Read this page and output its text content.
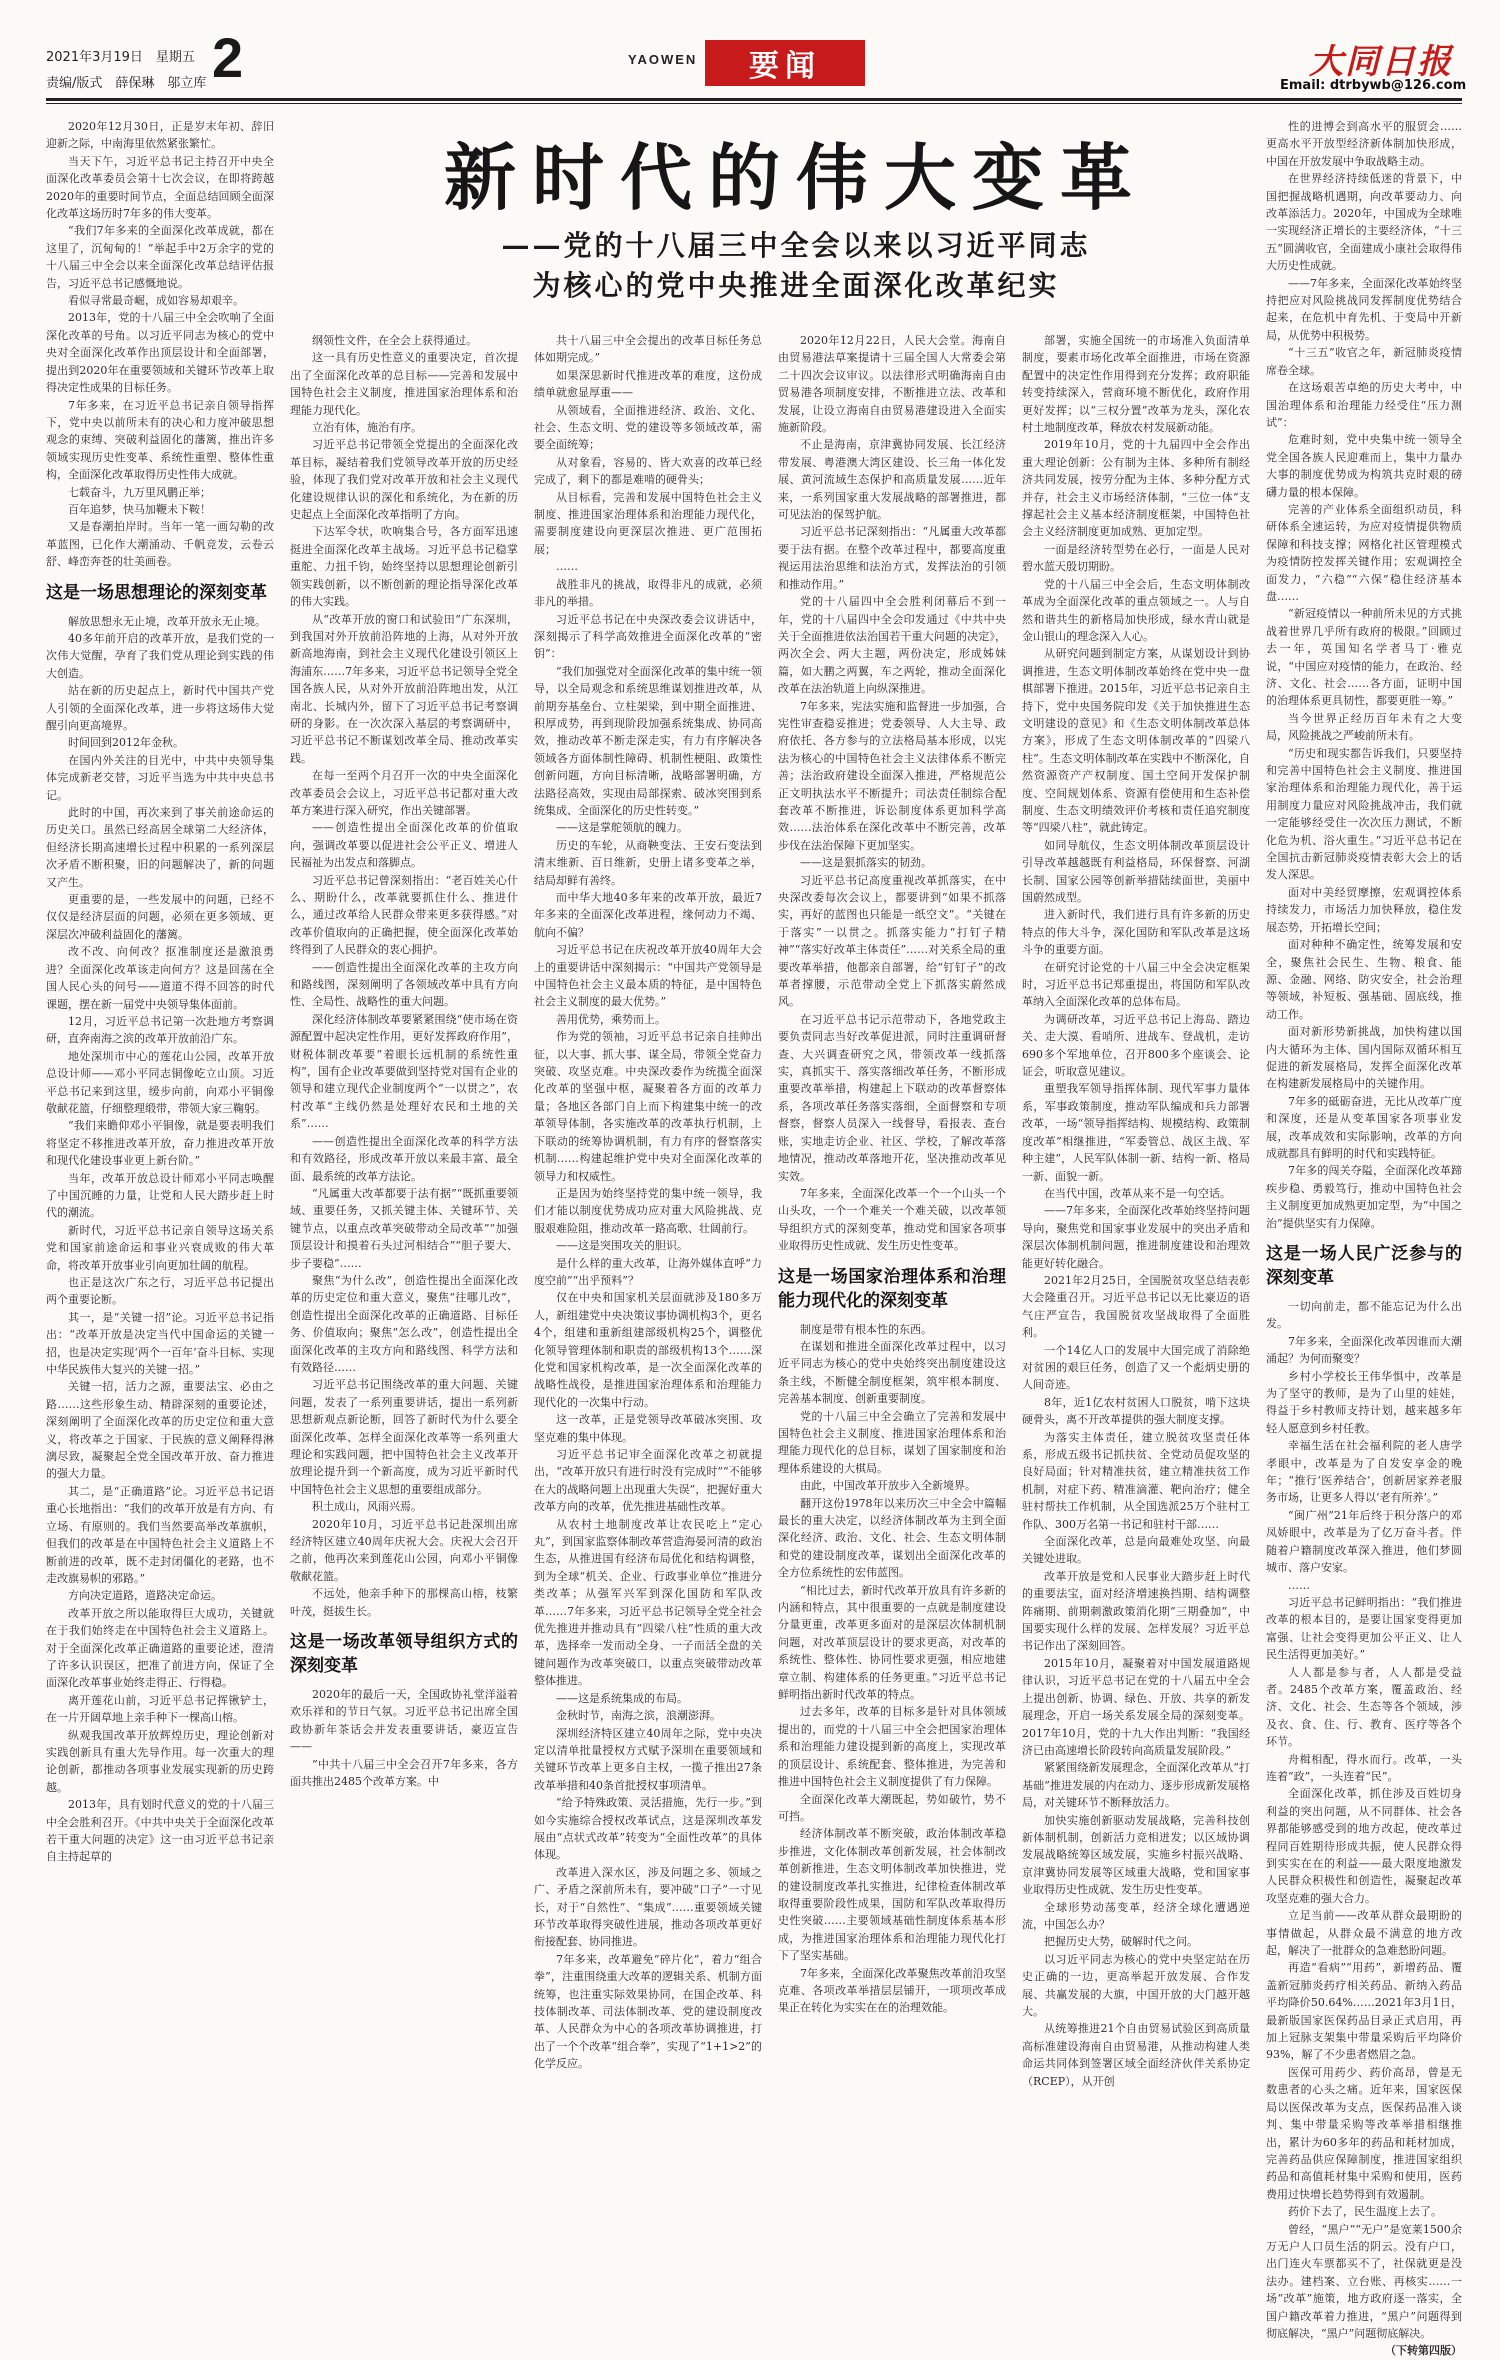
2021年3月19日　星期五
责编/版式　薛保琳　邬立库 2	YAOWEN	要闻	大同日报
Email: dtrbywb@126.com
新时代的伟大变革
——党的十八届三中全会以来以习近平同志
为核心的党中央推进全面深化改革纪实

2020年12月30日，正是岁末年初、辞旧迎新之际，中南海里依然紧张繁忙。

当天下午，习近平总书记主持召开中央全面深化改革委员会第十七次会议，在即将跨越2020年的重要时间节点，全面总结回顾全面深化改革这场历时7年多的伟大变革。

“我们7年多来的全面深化改革成就，都在这里了，沉甸甸的！”举起手中2万余字的党的十八届三中全会以来全面深化改革总结评估报告，习近平总书记感慨地说。

看似寻常最奇崛，成如容易却艰辛。

2013年，党的十八届三中全会吹响了全面深化改革的号角。以习近平同志为核心的党中央对全面深化改革作出顶层设计和全面部署，提出到2020年在重要领域和关键环节改革上取得决定性成果的目标任务。

7年多来，在习近平总书记亲自领导指挥下，党中央以前所未有的决心和力度冲破思想观念的束缚、突破利益固化的藩篱，推出许多领域实现历史性变革、系统性重塑、整体性重构，全面深化改革取得历史性伟大成就。

七载奋斗，九万里风鹏正举；

百年追梦，快马加鞭未下鞍！

又是春潮拍岸时。当年一笔一画勾勒的改革蓝图，已化作大潮涌动、千帆竞发，云卷云舒、峰峦奔苍的壮美画卷。

这是一场思想理论的深刻变革

解放思想永无止境，改革开放永无止境。

40多年前开启的改革开放，是我们党的一次伟大觉醒，孕育了我们党从理论到实践的伟大创造。

站在新的历史起点上，新时代中国共产党人引领的全面深化改革，进一步将这场伟大觉醒引向更高境界。

时间回到2012年金秋。

在国内外关注的目光中，中共中央领导集体完成新老交替，习近平当选为中共中央总书记。

此时的中国，再次来到了事关前途命运的历史关口。虽然已经高居全球第二大经济体，但经济长期高速增长过程中积累的一系列深层次矛盾不断积聚，旧的问题解决了，新的问题又产生。

更重要的是，一些发展中的问题，已经不仅仅是经济层面的问题，必须在更多领域、更深层次冲破利益固化的藩篱。

改不改、向何改？抠准制度还是激浪勇进？全面深化改革该走向何方？这是回荡在全国人民心头的问号——道道不得不回答的时代课题，摆在新一届党中央领导集体面前。

12月，习近平总书记第一次赴地方考察调研，直奔南海之滨的改革开放前沿广东。

地处深圳市中心的莲花山公园，改革开放总设计师——邓小平同志铜像屹立山顶。习近平总书记来到这里，缓步向前，向邓小平铜像敬献花篮，仔细整理缎带，带领大家三鞠躬。

“我们来瞻仰邓小平铜像，就是要表明我们将坚定不移推进改革开放，奋力推进改革开放和现代化建设事业更上新台阶。”

当年，改革开放总设计师邓小平同志唤醒了中国沉睡的力量，让党和人民大踏步赶上时代的潮流。

新时代，习近平总书记亲自领导这场关系党和国家前途命运和事业兴衰成败的伟大革命，将改革开放事业引向更加壮阔的航程。

也正是这次广东之行，习近平总书记提出两个重要论断。

其一，是“关键一招”论。习近平总书记指出：“改革开放是决定当代中国命运的关键一招，也是决定实现‘两个一百年’奋斗目标、实现中华民族伟大复兴的关键一招。”

关键一招，活力之源，重要法宝、必由之路……这些形象生动、精辟深刻的重要论述，深刻阐明了全面深化改革的历史定位和重大意义，将改革之于国家、于民族的意义阐释得淋漓尽致，凝聚起全党全国改革开放、奋力推进的强大力量。

其二，是“正确道路”论。习近平总书记语重心长地指出：“我们的改革开放是有方向、有立场、有原则的。我们当然要高举改革旗帜，但我们的改革是在中国特色社会主义道路上不断前进的改革，既不走封闭僵化的老路，也不走改旗易帜的邪路。”

方向决定道路，道路决定命运。

改革开放之所以能取得巨大成功，关键就在于我们始终走在中国特色社会主义道路上。对于全面深化改革正确道路的重要论述，澄清了许多认识误区，把准了前进方向，保证了全面深化改革事业始终走得正、行得稳。

离开莲花山前，习近平总书记挥锹铲土，在一片开阔草地上亲手种下一棵高山榕。

纵观我国改革开放辉煌历史，理论创新对实践创新具有重大先导作用。每一次重大的理论创新，都推动各项事业发展实现新的历史跨越。

2013年，具有划时代意义的党的十八届三中全会胜利召开。《中共中央关于全面深化改革若干重大问题的决定》这一由习近平总书记亲自主持起草的

纲领性文件，在全会上获得通过。

这一具有历史性意义的重要决定，首次提出了全面深化改革的总目标——完善和发展中国特色社会主义制度，推进国家治理体系和治理能力现代化。

立治有体，施治有序。

习近平总书记带领全党提出的全面深化改革目标，凝结着我们党领导改革开放的历史经验，体现了我们党对改革开放和社会主义现代化建设规律认识的深化和系统化，为在新的历史起点上全面深化改革指明了方向。

下达军令状，吹响集合号，各方面军迅速挺进全面深化改革主战场。习近平总书记稳掌重舵、力扭千钧，始终坚持以思想理论创新引领实践创新，以不断创新的理论指导深化改革的伟大实践。

从“改革开放的窗口和试验田”广东深圳，到我国对外开放前沿阵地的上海，从对外开放新高地海南，到社会主义现代化建设引领区上海浦东……7年多来，习近平总书记领导全党全国各族人民，从对外开放前沿阵地出发，从江南北、长城内外，留下了习近平总书记考察调研的身影。在一次次深入基层的考察调研中，习近平总书记不断谋划改革全局、推动改革实践。

在每一至两个月召开一次的中央全面深化改革委员会会议上，习近平总书记都对重大改革方案进行深入研究，作出关键部署。

——创造性提出全面深化改革的价值取向，强调改革要以促进社会公平正义、增进人民福祉为出发点和落脚点。

习近平总书记曾深刻指出：“老百姓关心什么、期盼什么，改革就要抓住什么、推进什么，通过改革给人民群众带来更多获得感。”对改革价值取向的正确把握，使全面深化改革始终得到了人民群众的衷心拥护。

——创造性提出全面深化改革的主攻方向和路线图，深刻阐明了各领域改革中具有方向性、全局性、战略性的重大问题。

深化经济体制改革要紧紧围绕“使市场在资源配置中起决定性作用，更好发挥政府作用”，财税体制改革要“着眼长远机制的系统性重构”，国有企业改革要做到坚持党对国有企业的领导和建立现代企业制度两个“一以贯之”，农村改革“主线仍然是处理好农民和土地的关系”……

——创造性提出全面深化改革的科学方法和有效路径，形成改革开放以来最丰富、最全面、最系统的改革方法论。

“凡属重大改革都要于法有据”“既抓重要领域、重要任务，又抓关键主体、关键环节、关键节点，以重点改革突破带动全局改革”“加强顶层设计和摸着石头过河相结合”“胆子要大、步子要稳”……

聚焦“为什么改”，创造性提出全面深化改革的历史定位和重大意义，聚焦“往哪儿改”，创造性提出全面深化改革的正确道路、目标任务、价值取向；聚焦“怎么改”，创造性提出全面深化改革的主攻方向和路线图、科学方法和有效路径……

习近平总书记围绕改革的重大问题、关键问题，发表了一系列重要讲话，提出一系列新思想新观点新论断，回答了新时代为什么要全面深化改革、怎样全面深化改革等一系列重大理论和实践问题，把中国特色社会主义改革开放理论提升到一个新高度，成为习近平新时代中国特色社会主义思想的重要组成部分。

积土成山，风雨兴焉。

2020年10月，习近平总书记赴深圳出席经济特区建立40周年庆祝大会。庆祝大会召开之前，他再次来到莲花山公园，向邓小平铜像敬献花篮。

不远处，他亲手种下的那棵高山榕，枝繁叶茂，挺拔生长。

这是一场改革领导组织方式的深刻变革

2020年的最后一天，全国政协礼堂洋溢着欢乐祥和的节日气氛。习近平总书记出席全国政协新年茶话会并发表重要讲话，豪迈宣告——

“中共十八届三中全会召开7年多来，各方面共推出2485个改革方案。中

共十八届三中全会提出的改革目标任务总体如期完成。”

如果深思新时代推进改革的难度，这份成绩单就愈显厚重——

从领域看，全面推进经济、政治、文化、社会、生态文明、党的建设等多领域改革，需要全面统筹；

从对象看，容易的、皆大欢喜的改革已经完成了，剩下的都是难啃的硬骨头；

从目标看，完善和发展中国特色社会主义制度、推进国家治理体系和治理能力现代化，需要制度建设向更深层次推进、更广范围拓展；

……

战胜非凡的挑战，取得非凡的成就，必须非凡的举措。

习近平总书记在中央深改委会议讲话中，深刻揭示了科学高效推进全面深化改革的“密钥”：

“我们加强党对全面深化改革的集中统一领导，以全局观念和系统思维谋划推进改革，从前期夯基垒台、立柱架梁，到中期全面推进、积厚成势，再到现阶段加强系统集成、协同高效，推动改革不断走深走实，有力有序解决各领域各方面体制性障碍、机制性梗阻、政策性创新问题，方向目标清晰，战略部署明确，方法路径高效，实现由局部探索、破冰突围到系统集成、全面深化的历史性转变。”

——这是掌舵领航的魄力。

历史的车轮，从商鞅变法、王安石变法到清末维新、百日维新，史册上诸多变革之举，结局却鲜有善终。

而中华大地40多年来的改革开放，最近7年多来的全面深化改革进程，缘何动力不竭、航向不偏？

习近平总书记在庆祝改革开放40周年大会上的重要讲话中深刻揭示：“中国共产党领导是中国特色社会主义最本质的特征，是中国特色社会主义制度的最大优势。”

善用优势，乘势而上。

作为党的领袖，习近平总书记亲自挂帅出征，以大事、抓大事、谋全局，带领全党奋力突破、攻坚克难。中央深改委作为统揽全面深化改革的坚强中枢，凝聚着各方面的改革力量；各地区各部门自上而下构建集中统一的改革领导体制，各实施改革的改革执行机制，上下联动的统筹协调机制，有力有序的督察落实机制……构建起维护党中央对全面深化改革的领导力和权威性。

正是因为始终坚持党的集中统一领导，我们才能以制度优势成功应对重大风险挑战、克服艰难险阻，推动改革一路高歌、壮阔前行。

——这是突围攻关的胆识。

是什么样的重大改革，让海外媒体直呼“力度空前”“出乎预料”？

仅在中央和国家机关层面就涉及180多万人，新组建党中央决策议事协调机构3个，更名4个，组建和重新组建部级机构25个，调整优化领导管理体制和职责的部级机构13个……深化党和国家机构改革，是一次全面深化改革的战略性战役，是推进国家治理体系和治理能力现代化的一次集中行动。

这一改革，正是党领导改革破冰突围、攻坚克难的集中体现。

习近平总书记审全面深化改革之初就提出，“改革开放只有进行时没有完成时”“不能够在大的战略问题上出现重大失误”，把握好重大改革方向的改革，优先推进基础性改革。

从农村土地制度改革让农民吃上“定心丸”，到国家监察体制改革营造海晏河清的政治生态，从推进国有经济布局优化和结构调整，到为全球“机关、企业、行政事业单位”推进分类改革；从强军兴军到深化国防和军队改革……7年多来，习近平总书记领导全党全社会优先推进并推动具有“四梁八柱”性质的重大改革，选择牵一发而动全身、一子而活全盘的关键问题作为改革突破口，以重点突破带动改革整体推进。

——这是系统集成的布局。

金秋时节，南海之滨，浪潮澎湃。

深圳经济特区建立40周年之际，党中央决定以清单批量授权方式赋予深圳在重要领域和关键环节改革上更多自主权，一揽子推出27条改革举措和40条首批授权事项清单。

“给予特殊政策、灵活措施，先行一步。”到如今实施综合授权改革试点，这是深圳改革发展由“点状式改革”转变为“全面性改革”的具体体现。

改革进入深水区，涉及问题之多、领域之广、矛盾之深前所未有，要冲破“口子”一寸见长，对于“自然性”、“集成”……重要领域关键环节改革取得突破性进展，推动各项改革更好衔接配套、协同推进。

7年多来，改革避免“碎片化”，着力“组合拳”，注重围绕重大改革的逻辑关系、机制方面统筹，也注重实际效果协同，在国企改革、科技体制改革、司法体制改革、党的建设制度改革、人民群众为中心的各项改革协调推进，打出了一个个改革“组合拳”，实现了“1+1>2”的化学反应。

2020年12月22日，人民大会堂。海南自由贸易港法草案提请十三届全国人大常委会第二十四次会议审议。以法律形式明确海南自由贸易港各项制度安排，不断推进立法、改革和发展，让设立海南自由贸易港建设进入全面实施新阶段。

不止是海南，京津冀协同发展、长江经济带发展、粤港澳大湾区建设、长三角一体化发展、黄河流域生态保护和高质量发展……近年来，一系列国家重大发展战略的部署推进，都可见法治的保驾护航。

习近平总书记深刻指出：“凡属重大改革都要于法有据。在整个改革过程中，都要高度重视运用法治思维和法治方式，发挥法治的引领和推动作用。”

党的十八届四中全会胜利闭幕后不到一年，党的十八届四中全会印发通过《中共中央关于全面推进依法治国若干重大问题的决定》，两次全会、两大主题，两份决定，形成姊妹篇，如大鹏之两翼，车之两轮，推动全面深化改革在法治轨道上向纵深推进。

7年多来，宪法实施和监督进一步加强，合宪性审查稳妥推进；党委领导、人大主导、政府依托、各方参与的立法格局基本形成，以宪法为核心的中国特色社会主义法律体系不断完善；法治政府建设全面深入推进，严格规范公正文明执法水平不断提升；司法责任制综合配套改革不断推进，诉讼制度体系更加科学高效……法治体系在深化改革中不断完善，改革步伐在法治保障下更加坚实。

——这是狠抓落实的韧劲。

习近平总书记高度重视改革抓落实，在中央深改委每次会议上，都要讲到“如果不抓落实，再好的蓝图也只能是一纸空文”。“关键在于落实”一以贯之。抓落实能力“打钉子精神”“落实好改革主体责任”……对关系全局的重要改革举措，他都亲自部署，给“钉钉子”的改革者撑腰，示范带动全党上下抓落实蔚然成风。

在习近平总书记示范带动下，各地党政主要负责同志当好改革促进派，同时注重调研督查、大兴调查研究之风，带领改革一线抓落实，真抓实干、落实落细改革任务，不断形成重要改革举措，构建起上下联动的改革督察体系，各项改革任务落实落细，全面督察和专项督察，督察人员深入一线督导，看报表、查台账，实地走访企业、社区、学校，了解改革落地情况，推动改革落地开花，坚决推动改革见实效。

7年多来，全面深化改革一个一个山头一个山头攻，一个一个难关一个难关破，以改革领导组织方式的深刻变革，推动党和国家各项事业取得历史性成就、发生历史性变革。

这是一场国家治理体系和治理能力现代化的深刻变革

制度是带有根本性的东西。

在谋划和推进全面深化改革过程中，以习近平同志为核心的党中央始终突出制度建设这条主线，不断健全制度框架，筑牢根本制度、完善基本制度、创新重要制度。

党的十八届三中全会确立了完善和发展中国特色社会主义制度、推进国家治理体系和治理能力现代化的总目标，谋划了国家制度和治理体系建设的大棋局。

由此，中国改革开放步入全新境界。

翻开这份1978年以来历次三中全会中篇幅最长的重大决定，以经济体制改革为主到全面深化经济、政治、文化、社会、生态文明体制和党的建设制度改革，谋划出全面深化改革的全方位系统性的宏伟蓝图。

“相比过去，新时代改革开放具有许多新的内涵和特点，其中很重要的一点就是制度建设分量更重，改革更多面对的是深层次体制机制问题，对改革顶层设计的要求更高，对改革的系统性、整体性、协同性要求更强，相应地建章立制、构建体系的任务更重。”习近平总书记鲜明指出新时代改革的特点。

过去多年，改革的目标多是针对具体领域提出的，而党的十八届三中全会把国家治理体系和治理能力建设提到新的高度上，实现改革的顶层设计、系统配套、整体推进，为完善和推进中国特色社会主义制度提供了有力保障。

全面深化改革大潮既起，势如破竹，势不可挡。

经济体制改革不断突破，政治体制改革稳步推进，文化体制改革创新发展，社会体制改革创新推进，生态文明体制改革加快推进，党的建设制度改革扎实推进，纪律检查体制改革取得重要阶段性成果，国防和军队改革取得历史性突破……主要领域基础性制度体系基本形成，为推进国家治理体系和治理能力现代化打下了坚实基础。

7年多来，全面深化改革聚焦改革前沿攻坚克难、各项改革举措层层铺开，一项项改革成果正在转化为实实在在的治理效能。

部署，实施全国统一的市场准入负面清单制度，要素市场化改革全面推进，市场在资源配置中的决定性作用得到充分发挥；政府职能转变持续深入，营商环境不断优化，政府作用更好发挥；以“三权分置”改革为龙头，深化农村土地制度改革，释放农村发展新动能。

2019年10月，党的十九届四中全会作出重大理论创新：公有制为主体、多种所有制经济共同发展，按劳分配为主体、多种分配方式并存，社会主义市场经济体制，“三位一体”支撑起社会主义基本经济制度框架，中国特色社会主义经济制度更加成熟、更加定型。

一面是经济转型势在必行，一面是人民对碧水蓝天殷切期盼。

党的十八届三中全会后，生态文明体制改革成为全面深化改革的重点领域之一。人与自然和谐共生的新格局加快形成，绿水青山就是金山银山的理念深入人心。

从研究问题到制定方案，从谋划设计到协调推进，生态文明体制改革始终在党中央一盘棋部署下推进。2015年，习近平总书记亲自主持下，党中央国务院印发《关于加快推进生态文明建设的意见》和《生态文明体制改革总体方案》，形成了生态文明体制改革的“四梁八柱”。生态文明体制改革在实践中不断深化，自然资源资产产权制度、国土空间开发保护制度、空间规划体系、资源有偿使用和生态补偿制度、生态文明绩效评价考核和责任追究制度等“四梁八柱”，就此铸定。

如同导航仪，生态文明体制改革顶层设计引导改革越越既有利益格局，环保督察、河湖长制、国家公园等创新举措陆续面世，美丽中国蔚然成型。

进入新时代，我们进行具有许多新的历史特点的伟大斗争，深化国防和军队改革是这场斗争的重要方面。

在研究讨论党的十八届三中全会决定框架时，习近平总书记郑重提出，将国防和军队改革纳入全面深化改革的总体布局。

为调研改革，习近平总书记上海岛、踏边关、走大漠、看哨所、进战车、登战机，走访690多个军地单位，召开800多个座谈会、论证会，听取意见建议。

重塑我军领导指挥体制、现代军事力量体系，军事政策制度，推动军队编成和兵力部署改革，一场“领导指挥结构、规模结构、政策制度改革”相继推进，“军委管总、战区主战、军种主建”，人民军队体制一新、结构一新、格局一新、面貌一新。

在当代中国，改革从来不是一句空话。

——7年多来，全面深化改革始终坚持问题导向，聚焦党和国家事业发展中的突出矛盾和深层次体制机制问题，推进制度建设和治理效能更好转化融合。

2021年2月25日，全国脱贫攻坚总结表彰大会隆重召开。习近平总书记以无比豪迈的语气庄严宣告，我国脱贫攻坚战取得了全面胜利。

一个14亿人口的发展中大国完成了消除绝对贫困的艰巨任务，创造了又一个彪炳史册的人间奇迹。

8年，近1亿农村贫困人口脱贫，啃下这块硬骨头，离不开改革提供的强大制度支撑。

为落实主体责任，建立脱贫攻坚责任体系，形成五级书记抓扶贫、全党动员促攻坚的良好局面；针对精准扶贫，建立精准扶贫工作机制，对症下药、精准滴灌、靶向治疗；健全驻村帮扶工作机制，从全国选派25万个驻村工作队、300万名第一书记和驻村干部……

全面深化改革，总是向最难处攻坚、向最关键处进取。

改革开放是党和人民事业大踏步赶上时代的重要法宝，面对经济增速换挡期、结构调整阵痛期、前期刺激政策消化期“三期叠加”，中国要实现什么样的发展、怎样发展？习近平总书记作出了深刻回答。

2015年10月，凝聚着对中国发展道路规律认识，习近平总书记在党的十八届五中全会上提出创新、协调、绿色、开放、共享的新发展理念，开启一场关系发展全局的深刻变革。2017年10月，党的十九大作出判断：“我国经济已由高速增长阶段转向高质量发展阶段。”

紧紧围绕新发展理念，全面深化改革从“打基础”推进发展的内在动力、逐步形成新发展格局，对关键环节不断释放活力。

加快实施创新驱动发展战略，完善科技创新体制机制，创新活力竞相迸发；以区域协调发展战略统筹区域发展，实施乡村振兴战略、京津冀协同发展等区域重大战略，党和国家事业取得历史性成就、发生历史性变革。

全球形势动荡变革，经济全球化遭遇逆流，中国怎么办？

把握历史大势，破解时代之问。

以习近平同志为核心的党中央坚定站在历史正确的一边，更高举起开放发展、合作发展、共赢发展的大旗，中国开放的大门越开越大。

从统筹推进21个自由贸易试验区到高质量高标准建设海南自由贸易港，从推动构建人类命运共同体到签署区域全面经济伙伴关系协定（RCEP），从开创

性的进博会到高水平的服贸会……更高水平开放型经济新体制加快形成，中国在开放发展中争取战略主动。

在世界经济持续低迷的背景下，中国把握战略机遇期，向改革要动力、向改革添活力。2020年，中国成为全球唯一实现经济正增长的主要经济体，“十三五”圆满收官，全面建成小康社会取得伟大历史性成就。

——7年多来，全面深化改革始终坚持把应对风险挑战同发挥制度优势结合起来，在危机中育先机、于变局中开新局，从优势中积极势。

“十三五”收官之年，新冠肺炎疫情席卷全球。

在这场艰苦卓绝的历史大考中，中国治理体系和治理能力经受住“压力测试”：

危难时刻，党中央集中统一领导全党全国各族人民迎难而上，集中力量办大事的制度优势成为构筑共克时艰的磅礴力量的根本保障。

完善的产业体系全面组织动员，科研体系全速运转，为应对疫情提供物质保障和科技支撑；网格化社区管理模式为疫情防控发挥关键作用；宏观调控全面发力，“六稳”“六保”稳住经济基本盘……

“新冠疫情以一种前所未见的方式挑战着世界几乎所有政府的极限。”回顾过去一年，英国知名学者马丁·雅克说，“中国应对疫情的能力，在政治、经济、文化、社会……各方面，证明中国的治理体系更具韧性，都要更胜一筹。”

当今世界正经历百年未有之大变局，风险挑战之严峻前所未有。

“历史和现实都告诉我们，只要坚持和完善中国特色社会主义制度、推进国家治理体系和治理能力现代化，善于运用制度力量应对风险挑战冲击，我们就一定能够经受住一次次压力测试，不断化危为机、浴火重生。”习近平总书记在全国抗击新冠肺炎疫情表彰大会上的话发人深思。

面对中美经贸摩擦，宏观调控体系持续发力，市场活力加快释放，稳住发展态势，开拓增长空间；

面对种种不确定性，统筹发展和安全，聚焦社会民生、生物、粮食、能源、金融、网络、防灾安全，社会治理等领域，补短板、强基础、固底线，推动工作。

面对新形势新挑战，加快构建以国内大循环为主体、国内国际双循环相互促进的新发展格局，发挥全面深化改革在构建新发展格局中的关键作用。

7年多的砥砺奋进，无比从改革广度和深度，还是从变革国家各项事业发展，改革成效和实际影响，改革的方向成就都具有鲜明的时代和实践特征。

7年多的闯关夺隘，全面深化改革蹄疾步稳、勇毅笃行，推动中国特色社会主义制度更加成熟更加定型，为“中国之治”提供坚实有力保障。

这是一场人民广泛参与的深刻变革

一切向前走，都不能忘记为什么出发。

7年多来，全面深化改革因谁而大潮涌起？为何而聚变？

乡村小学校长王伟华惧中，改革是为了坚守的教师，是为了山里的娃娃，得益于乡村教师支持计划，越来越多年轻人愿意到乡村任教。

幸福生活在社会福利院的老人唐学孝眼中，改革是为了自发安享金的晚年；“推行‘医养结合’，创新居家养老服务市场，让更多人得以‘老有所养’。”

“闽广州”21年后终于积分落户的邓凤娇眼中，改革是为了亿万奋斗者。伴随着户籍制度改革深入推进，他们梦圆城市、落户安家。

……

习近平总书记鲜明指出：“我们推进改革的根本目的，是要让国家变得更加富强、让社会变得更加公平正义、让人民生活得更加美好。”

人人都是参与者，人人都是受益者。2485个改革方案，覆盖政治、经济、文化、社会、生态等各个领域，涉及衣、食、住、行、教育、医疗等各个环节。

舟楫相配，得水而行。改革，一头连着“政”，一头连着“民”。

全面深化改革，抓住涉及百姓切身利益的突出问题，从不同群体、社会各界都能够感受到的地方改起，使改革过程同百姓期待形成共振，使人民群众得到实实在在的利益——最大限度地激发人民群众积极性和创造性，凝聚起改革攻坚克难的强大合力。

立足当前——改革从群众最期盼的事情做起，从群众最不满意的地方改起，解决了一批群众的急难愁盼问题。

再造“看病”“用药”，新增药品、覆盖新冠肺炎药疗相关药品、新纳入药品平均降价50.64%……2021年3月1日，最新版国家医保药品目录正式启用，再加上冠脉支架集中带量采购后平均降价93%，解了不少患者燃眉之急。

医保可用药少、药价高昂，曾是无数患者的心头之痛。近年来，国家医保局以医保改革为支点，医保药品准入谈判、集中带量采购等改革举措相继推出，累计为60多年的药品和耗材加成，完善药品供应保障制度，推进国家组织药品和高值耗材集中采购和使用，医药费用过快增长趋势得到有效遏制。

药价下去了，民生温度上去了。

曾经，“黑户”“无户”是宽莱1500余万无户人口员生活的阴云。没有户口，出门连火车票都买不了，社保就更是没法办。建档案、立台账、再核实……一场“改革”施策，地方政府逐一落实，全国户籍改革着力推进，“黑户”问题得到彻底解决，“黑户”问题彻底解决。

（下转第四版）
